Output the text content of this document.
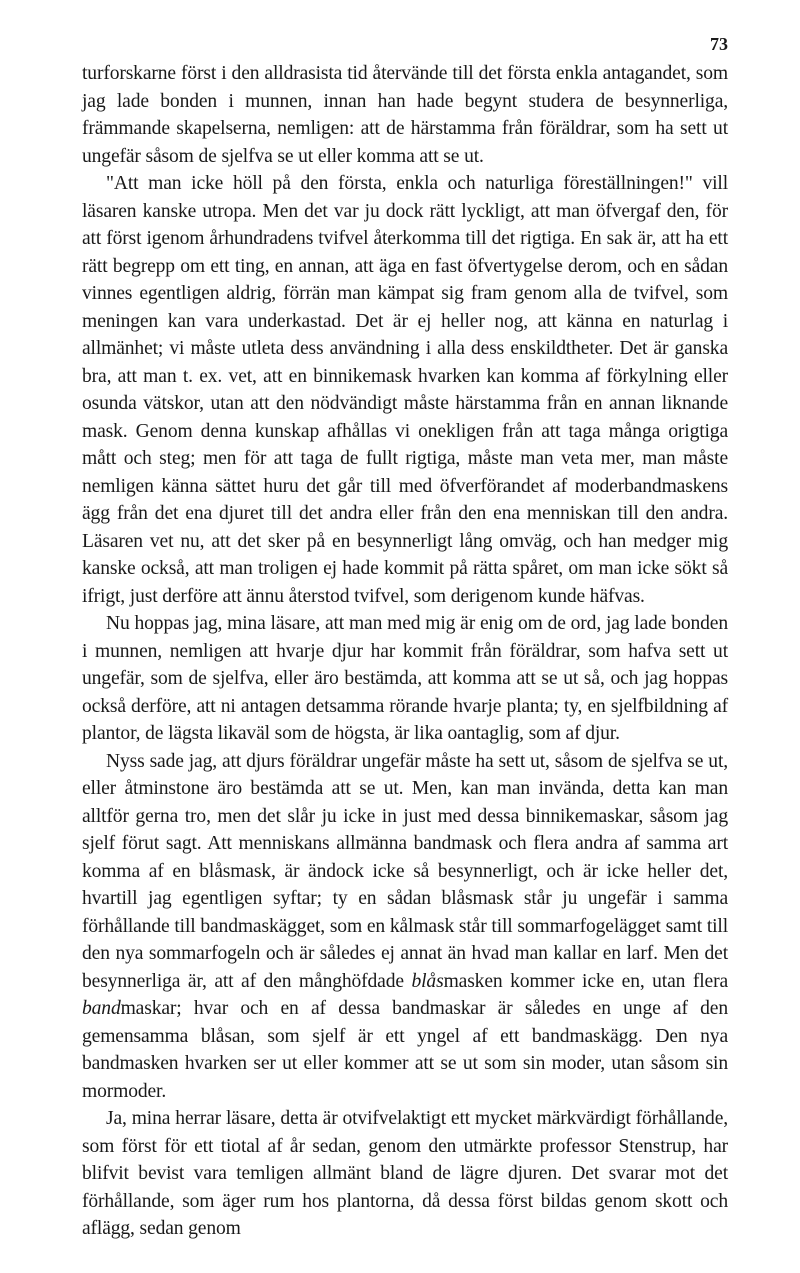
73

turforskarne först i den alldrasista tid återvände till det första enkla antagandet, som jag lade bonden i munnen, innan han hade begynt studera de besynnerliga, främmande skapelserna, nemligen: att de härstamma från föräldrar, som ha sett ut ungefär såsom de sjelfva se ut eller komma att se ut.

"Att man icke höll på den första, enkla och naturliga föreställningen!" vill läsaren kanske utropa. Men det var ju dock rätt lyckligt, att man öfvergaf den, för att först igenom århundradens tvifvel återkomma till det rigtiga. En sak är, att ha ett rätt begrepp om ett ting, en annan, att äga en fast öfvertygelse derom, och en sådan vinnes egentligen aldrig, förrän man kämpat sig fram genom alla de tvifvel, som meningen kan vara underkastad. Det är ej heller nog, att känna en naturlag i allmänhet; vi måste utleta dess användning i alla dess enskildtheter. Det är ganska bra, att man t. ex. vet, att en binnikemask hvarken kan komma af förkylning eller osunda vätskor, utan att den nödvändigt måste härstamma från en annan liknande mask. Genom denna kunskap afhållas vi onekligen från att taga många origtiga mått och steg; men för att taga de fullt rigtiga, måste man veta mer, man måste nemligen känna sättet huru det går till med öfverförandet af moderbandmaskens ägg från det ena djuret till det andra eller från den ena menniskan till den andra. Läsaren vet nu, att det sker på en besynnerligt lång omväg, och han medger mig kanske också, att man troligen ej hade kommit på rätta spåret, om man icke sökt så ifrigt, just derföre att ännu återstod tvifvel, som derigenom kunde häfvas.

Nu hoppas jag, mina läsare, att man med mig är enig om de ord, jag lade bonden i munnen, nemligen att hvarje djur har kommit från föräldrar, som hafva sett ut ungefär, som de sjelfva, eller äro bestämda, att komma att se ut så, och jag hoppas också derföre, att ni antagen detsamma rörande hvarje planta; ty, en sjelfbildning af plantor, de lägsta likaväl som de högsta, är lika oantaglig, som af djur.

Nyss sade jag, att djurs föräldrar ungefär måste ha sett ut, såsom de sjelfva se ut, eller åtminstone äro bestämda att se ut. Men, kan man invända, detta kan man alltför gerna tro, men det slår ju icke in just med dessa binnikemaskar, såsom jag sjelf förut sagt. Att menniskans allmänna bandmask och flera andra af samma art komma af en blåsmask, är ändock icke så besynnerligt, och är icke heller det, hvartill jag egentligen syftar; ty en sådan blåsmask står ju ungefär i samma förhållande till bandmaskägget, som en kålmask står till sommarfogelägget samt till den nya sommarfogeln och är således ej annat än hvad man kallar en larf. Men det besynnerliga är, att af den månghöfdade blåsmasken kommer icke en, utan flera bandmaskar; hvar och en af dessa bandmaskar är således en unge af den gemensamma blåsan, som sjelf är ett yngel af ett bandmaskägg. Den nya bandmasken hvarken ser ut eller kommer att se ut som sin moder, utan såsom sin mormoder.

Ja, mina herrar läsare, detta är otvifvelaktigt ett mycket märkvärdigt förhållande, som först för ett tiotal af år sedan, genom den utmärkte professor Stenstrup, har blifvit bevist vara temligen allmänt bland de lägre djuren. Det svarar mot det förhållande, som äger rum hos plantorna, då dessa först bildas genom skott och aflägg, sedan genom
